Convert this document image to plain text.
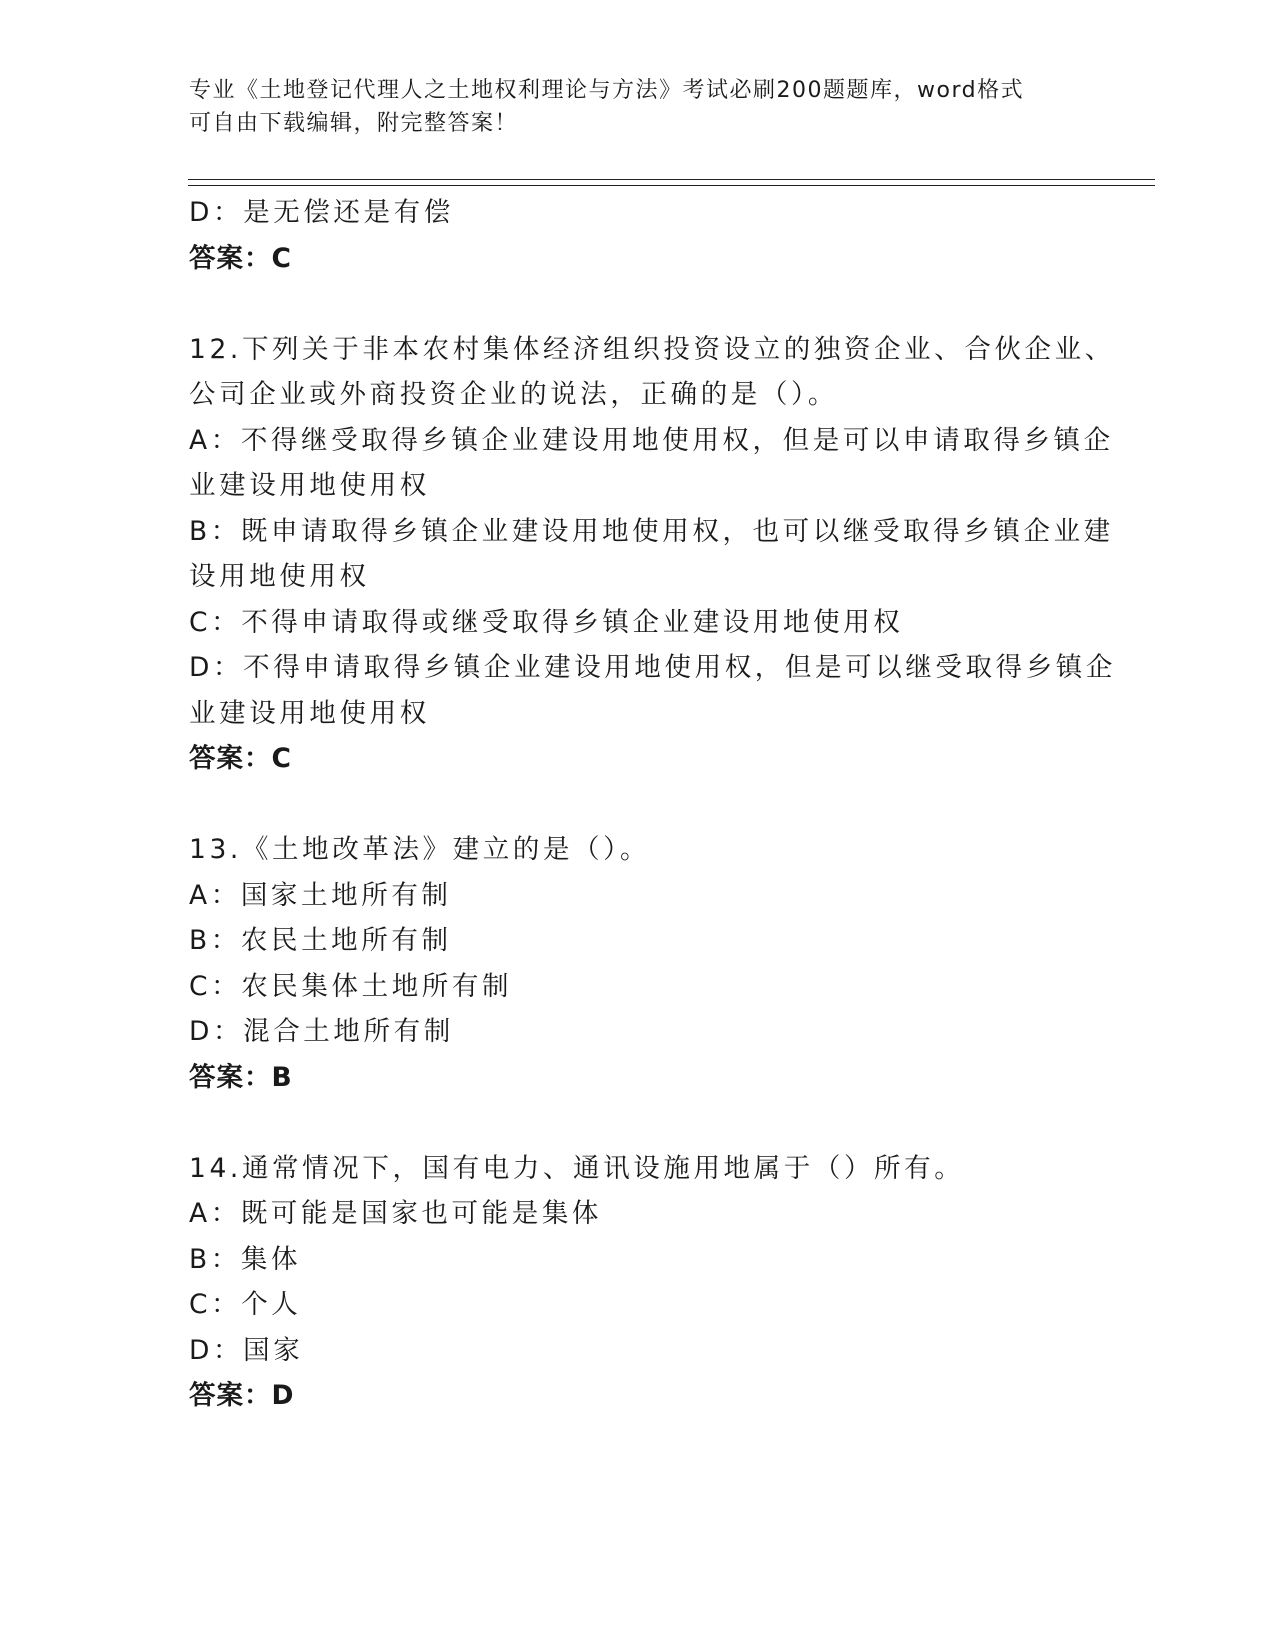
专业《土地登记代理人之土地权利理论与方法》考试必刷200题题库，word格式
可自由下载编辑，附完整答案！
D：是无偿还是有偿
答案：C
12.下列关于非本农村集体经济组织投资设立的独资企业、合伙企业、
公司企业或外商投资企业的说法，正确的是（）。
A：不得继受取得乡镇企业建设用地使用权，但是可以申请取得乡镇企
业建设用地使用权
B：既申请取得乡镇企业建设用地使用权，也可以继受取得乡镇企业建
设用地使用权
C：不得申请取得或继受取得乡镇企业建设用地使用权
D：不得申请取得乡镇企业建设用地使用权，但是可以继受取得乡镇企
业建设用地使用权
答案：C
13.《土地改革法》建立的是（）。
A：国家土地所有制
B：农民土地所有制
C：农民集体土地所有制
D：混合土地所有制
答案：B
14.通常情况下，国有电力、通讯设施用地属于（）所有。
A：既可能是国家也可能是集体
B：集体
C：个人
D：国家
答案：D
